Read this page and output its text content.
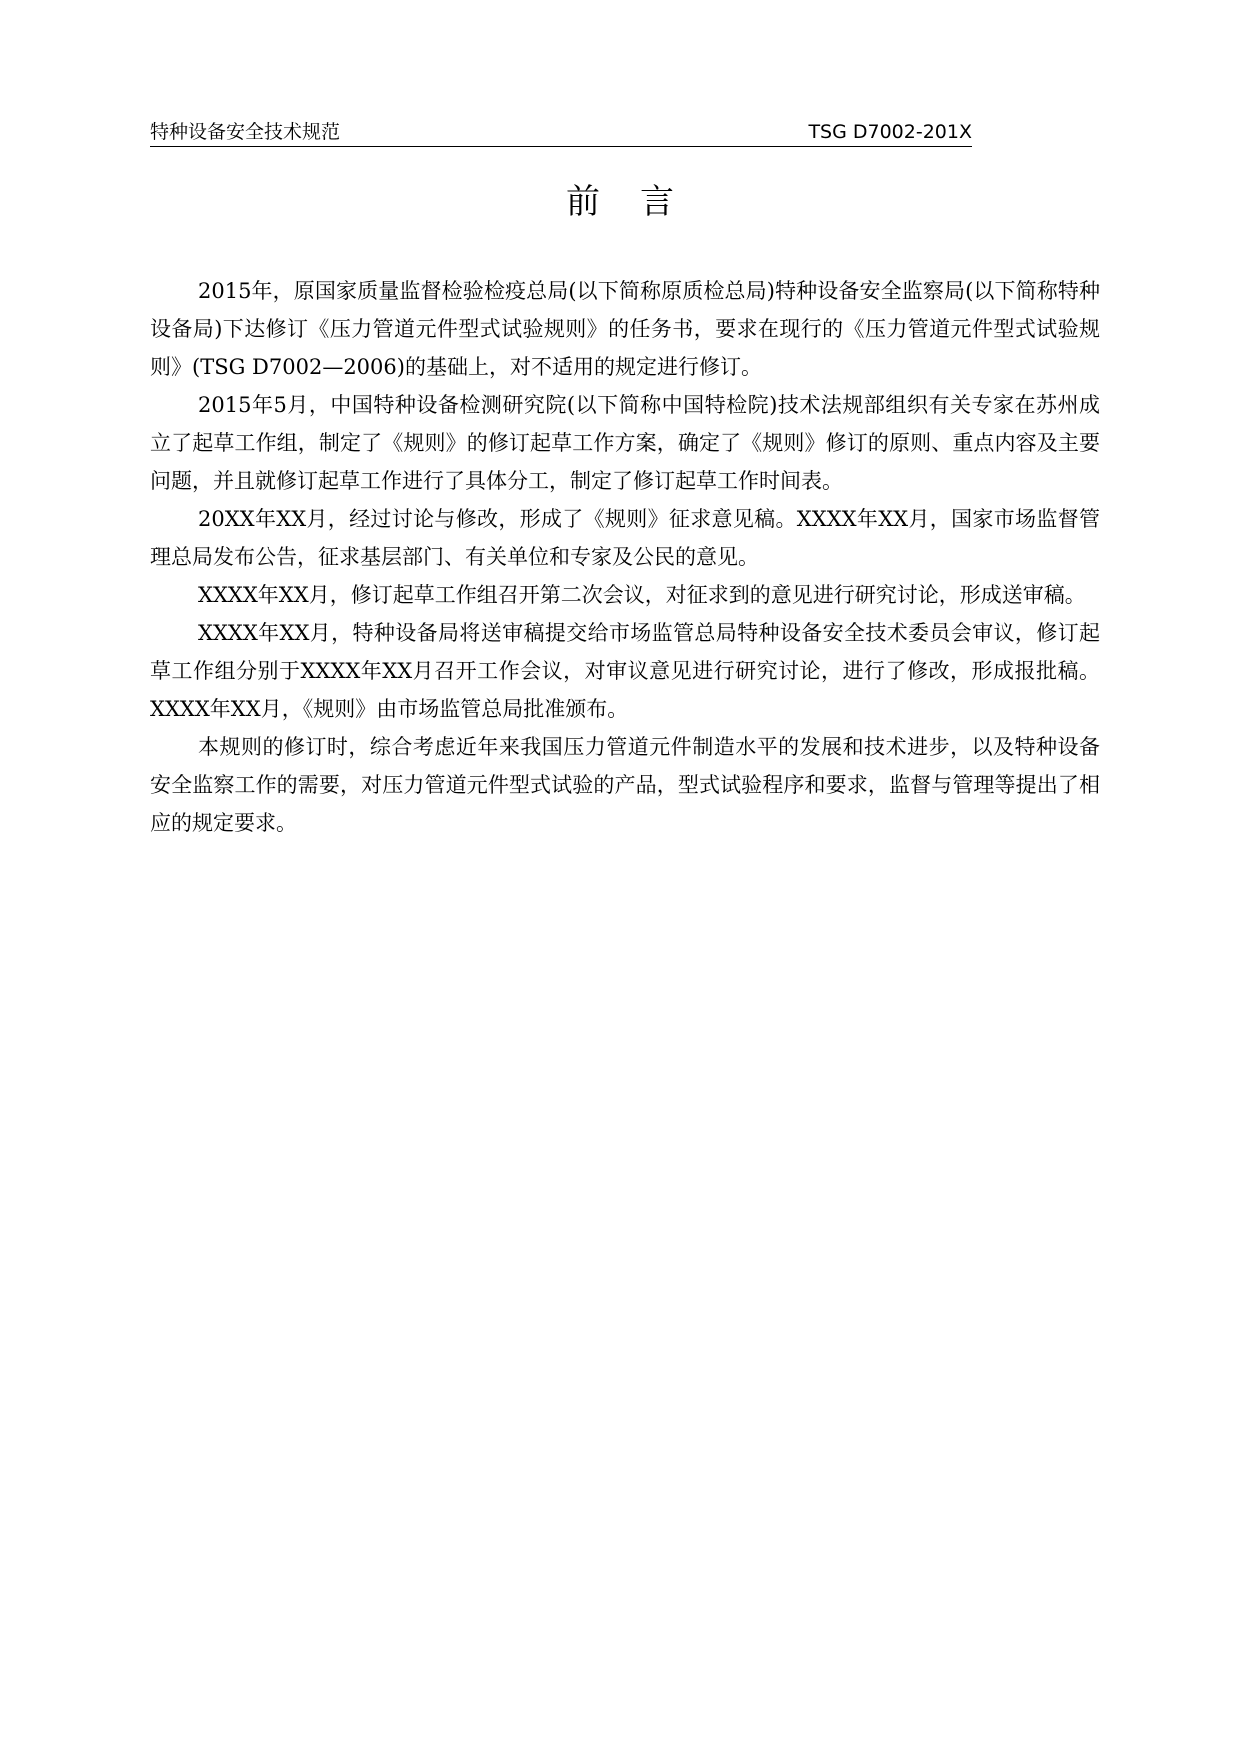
特种设备安全技术规范	TSG D7002-201X
前言

2015年，原国家质量监督检验检疫总局(以下简称原质检总局)特种设备安全监察局(以下简称特种设备局)下达修订《压力管道元件型式试验规则》的任务书，要求在现行的《压力管道元件型式试验规则》(TSG D7002—2006)的基础上，对不适用的规定进行修订。

2015年5月，中国特种设备检测研究院(以下简称中国特检院)技术法规部组织有关专家在苏州成立了起草工作组，制定了《规则》的修订起草工作方案，确定了《规则》修订的原则、重点内容及主要问题，并且就修订起草工作进行了具体分工，制定了修订起草工作时间表。

20XX年XX月，经过讨论与修改，形成了《规则》征求意见稿。XXXX年XX月，国家市场监督管理总局发布公告，征求基层部门、有关单位和专家及公民的意见。

XXXX年XX月，修订起草工作组召开第二次会议，对征求到的意见进行研究讨论，形成送审稿。

XXXX年XX月，特种设备局将送审稿提交给市场监管总局特种设备安全技术委员会审议，修订起草工作组分别于XXXX年XX月召开工作会议，对审议意见进行研究讨论，进行了修改，形成报批稿。XXXX年XX月，《规则》由市场监管总局批准颁布。

本规则的修订时，综合考虑近年来我国压力管道元件制造水平的发展和技术进步，以及特种设备安全监察工作的需要，对压力管道元件型式试验的产品，型式试验程序和要求，监督与管理等提出了相应的规定要求。
